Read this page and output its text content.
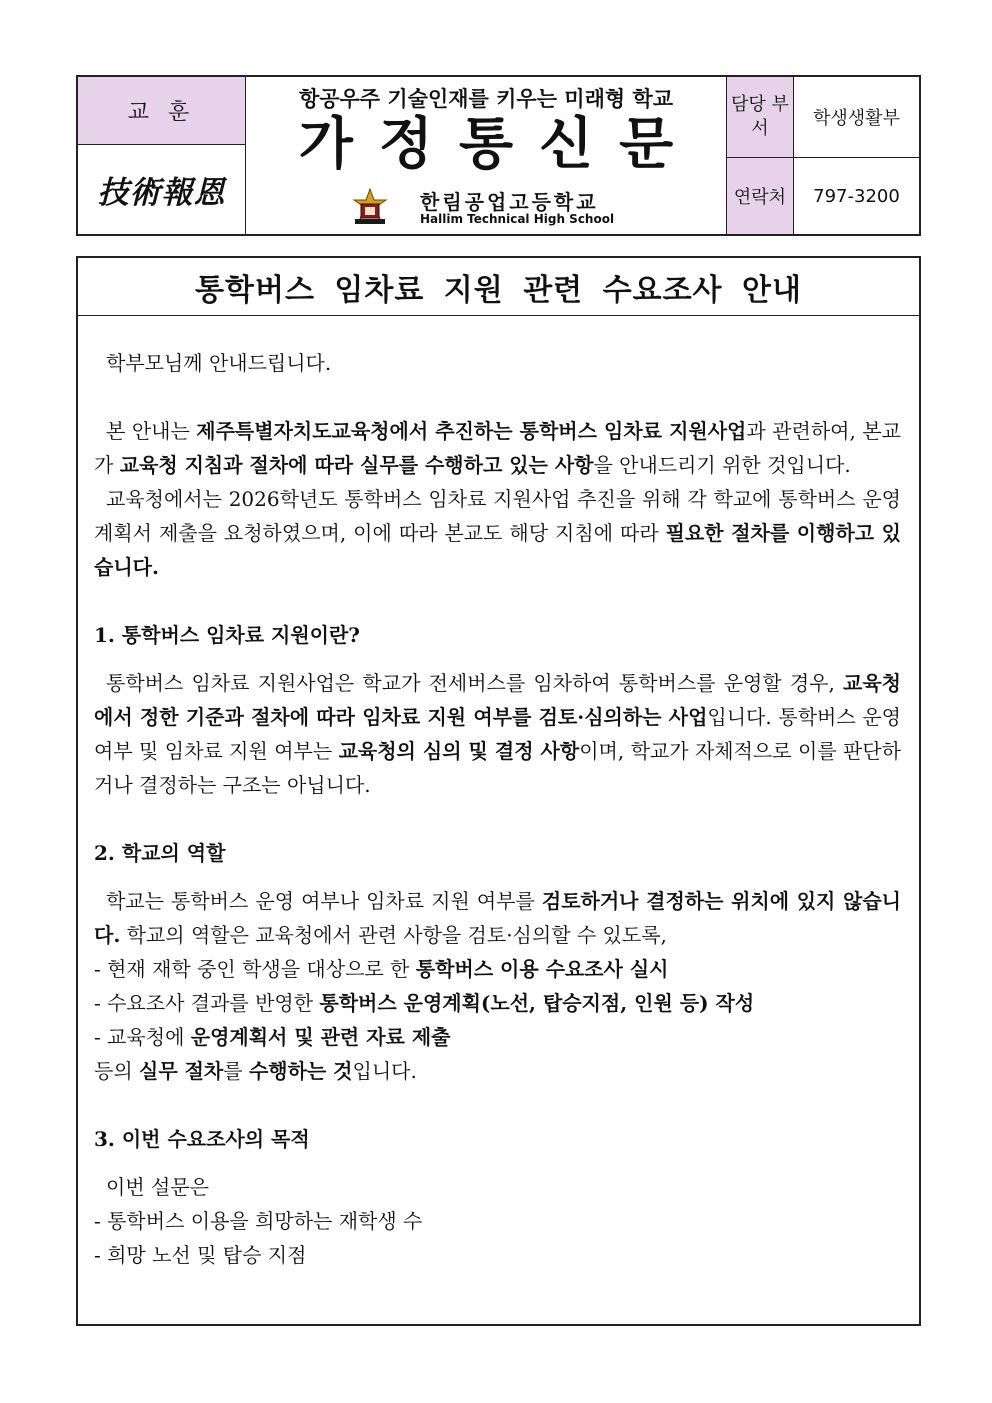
교 훈
技術報恩
항공우주 기술인재를 키우는 미래형 학교
가정통신문
한림공업고등학교
Hallim Technical High School
담당 부서	학생생활부
연락처	797-3200
통학버스 임차료 지원 관련 수요조사 안내

학부모님께 안내드립니다.

본 안내는 제주특별자치도교육청에서 추진하는 통학버스 임차료 지원사업과 관련하여, 본교가 교육청 지침과 절차에 따라 실무를 수행하고 있는 사항을 안내드리기 위한 것입니다.

교육청에서는 2026학년도 통학버스 임차료 지원사업 추진을 위해 각 학교에 통학버스 운영계획서 제출을 요청하였으며, 이에 따라 본교도 해당 지침에 따라 필요한 절차를 이행하고 있습니다.

1. 통학버스 임차료 지원이란?

통학버스 임차료 지원사업은 학교가 전세버스를 임차하여 통학버스를 운영할 경우, 교육청에서 정한 기준과 절차에 따라 임차료 지원 여부를 검토·심의하는 사업입니다. 통학버스 운영 여부 및 임차료 지원 여부는 교육청의 심의 및 결정 사항이며, 학교가 자체적으로 이를 판단하거나 결정하는 구조는 아닙니다.

2. 학교의 역할

학교는 통학버스 운영 여부나 임차료 지원 여부를 검토하거나 결정하는 위치에 있지 않습니다. 학교의 역할은 교육청에서 관련 사항을 검토·심의할 수 있도록,

- 현재 재학 중인 학생을 대상으로 한 통학버스 이용 수요조사 실시

- 수요조사 결과를 반영한 통학버스 운영계획(노선, 탑승지점, 인원 등) 작성

- 교육청에 운영계획서 및 관련 자료 제출

등의 실무 절차를 수행하는 것입니다.

3. 이번 수요조사의 목적

이번 설문은

- 통학버스 이용을 희망하는 재학생 수

- 희망 노선 및 탑승 지점
